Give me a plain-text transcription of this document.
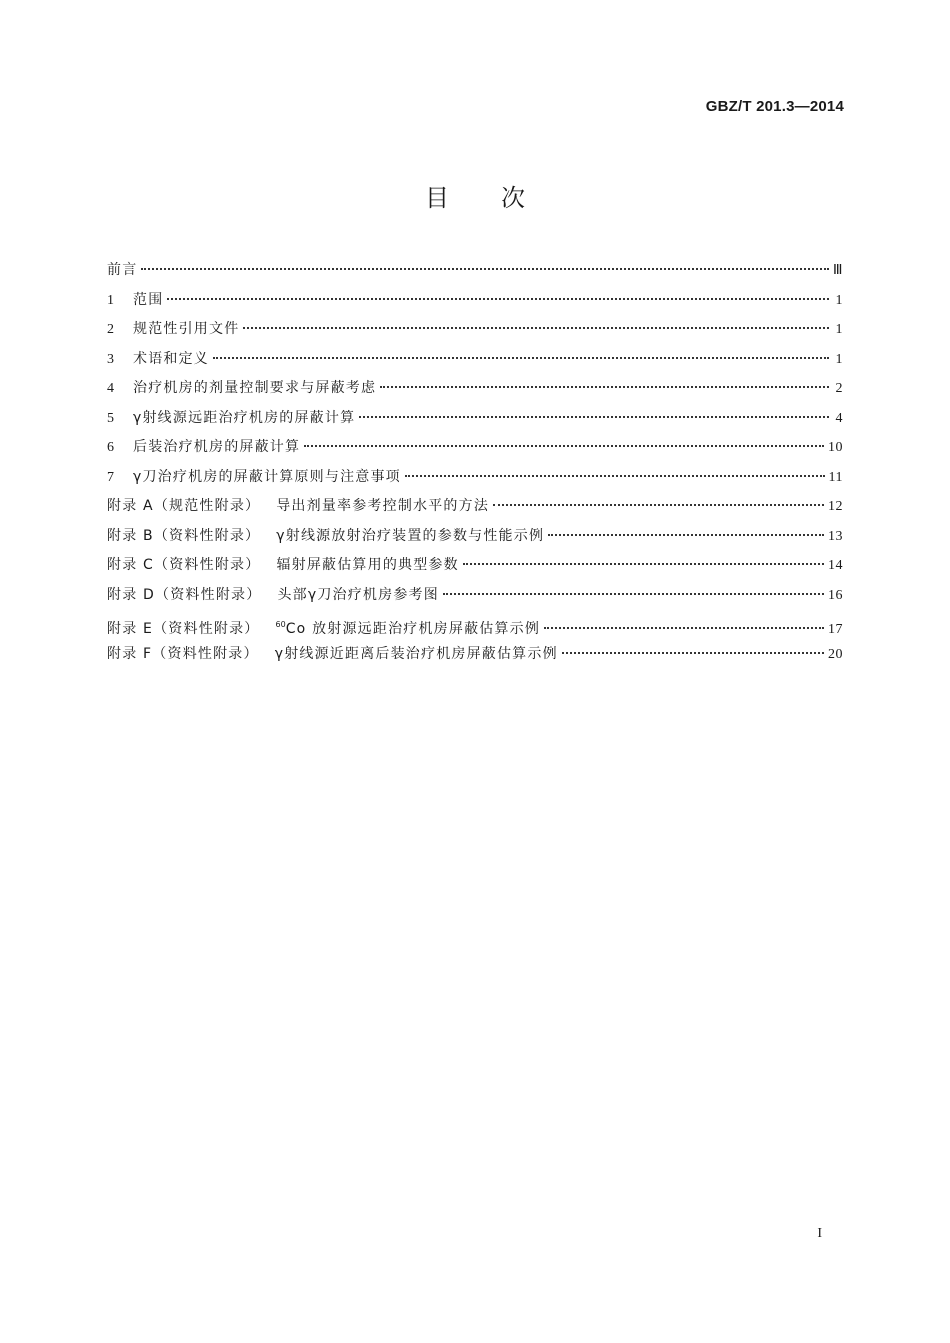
GBZ/T 201.3—2014
目次
前言	Ⅲ
1 范围	1
2 规范性引用文件	1
3 术语和定义	1
4 治疗机房的剂量控制要求与屏蔽考虑	2
5 γ射线源远距治疗机房的屏蔽计算	4
6 后装治疗机房的屏蔽计算	10
7 γ刀治疗机房的屏蔽计算原则与注意事项	11
附录 A（规范性附录） 导出剂量率参考控制水平的方法	12
附录 B（资料性附录） γ射线源放射治疗装置的参数与性能示例	13
附录 C（资料性附录） 辐射屏蔽估算用的典型参数	14
附录 D（资料性附录） 头部γ刀治疗机房参考图	16
附录 E（资料性附录） $^{60}$Co 放射源远距治疗机房屏蔽估算示例	17
附录 F（资料性附录） γ射线源近距离后装治疗机房屏蔽估算示例	20
I
